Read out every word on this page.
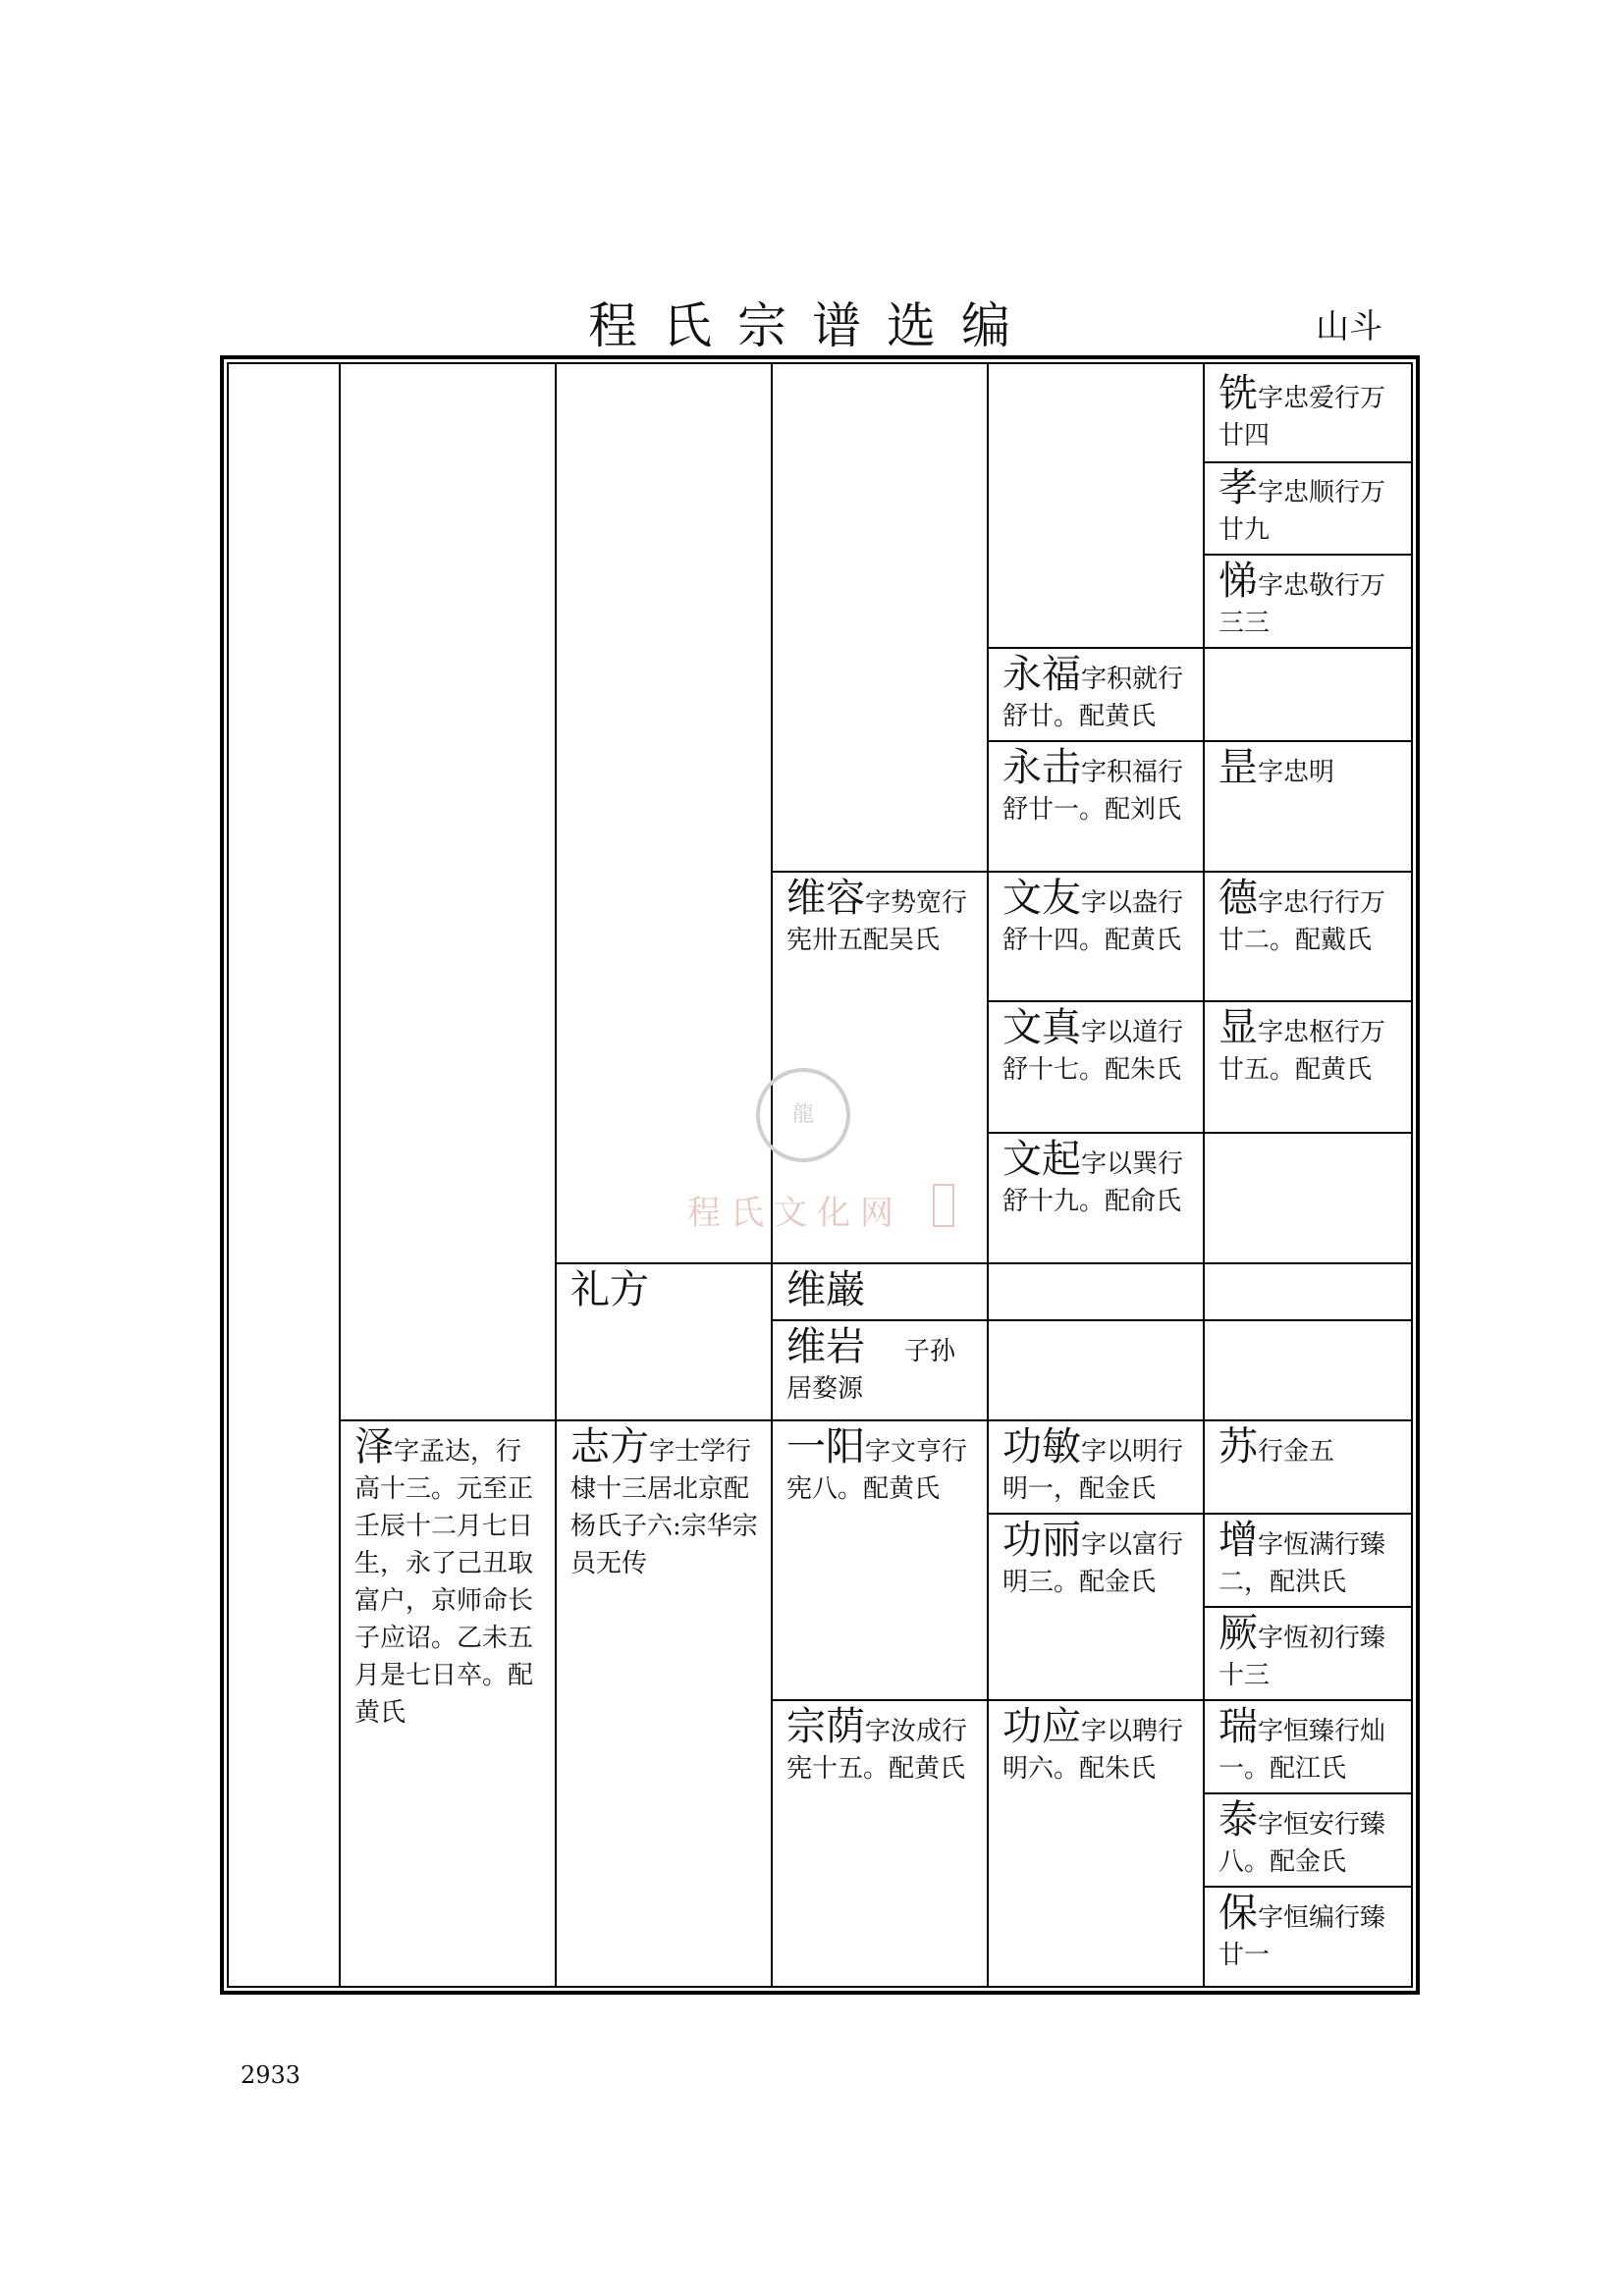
程氏宗谱选编	山斗
龍
程氏文化网
铣字忠爱行万廿四
孝字忠顺行万廿九
悌字忠敬行万三三
永福字积就行舒廿。配黄氏
永击字积福行舒廿一。配刘氏
昰字忠明
维容字势宽行宪卅五配吴氏
文友字以盎行舒十四。配黄氏
德字忠行行万廿二。配戴氏
文真字以道行舒十七。配朱氏
显字忠枢行万廿五。配黄氏
文起字以巽行舒十九。配俞氏
礼方	维巌
维岩 子孙居婺源
泽字孟达，行高十三。元至正壬辰十二月七日生，永了己丑取富户，京师命长子应诏。乙未五月是七日卒。配黄氏
志方字士学行棣十三居北京配杨氏子六:宗华宗员无传
一阳字文亨行宪八。配黄氏
功敏字以明行明一，配金氏
苏行金五
功丽字以富行明三。配金氏
增字恆满行臻二，配洪氏
厥字恆初行臻十三
宗荫字汝成行宪十五。配黄氏
功应字以聘行明六。配朱氏
瑞字恒臻行灿一。配江氏
泰字恒安行臻八。配金氏
保字恒编行臻廿一
2933
